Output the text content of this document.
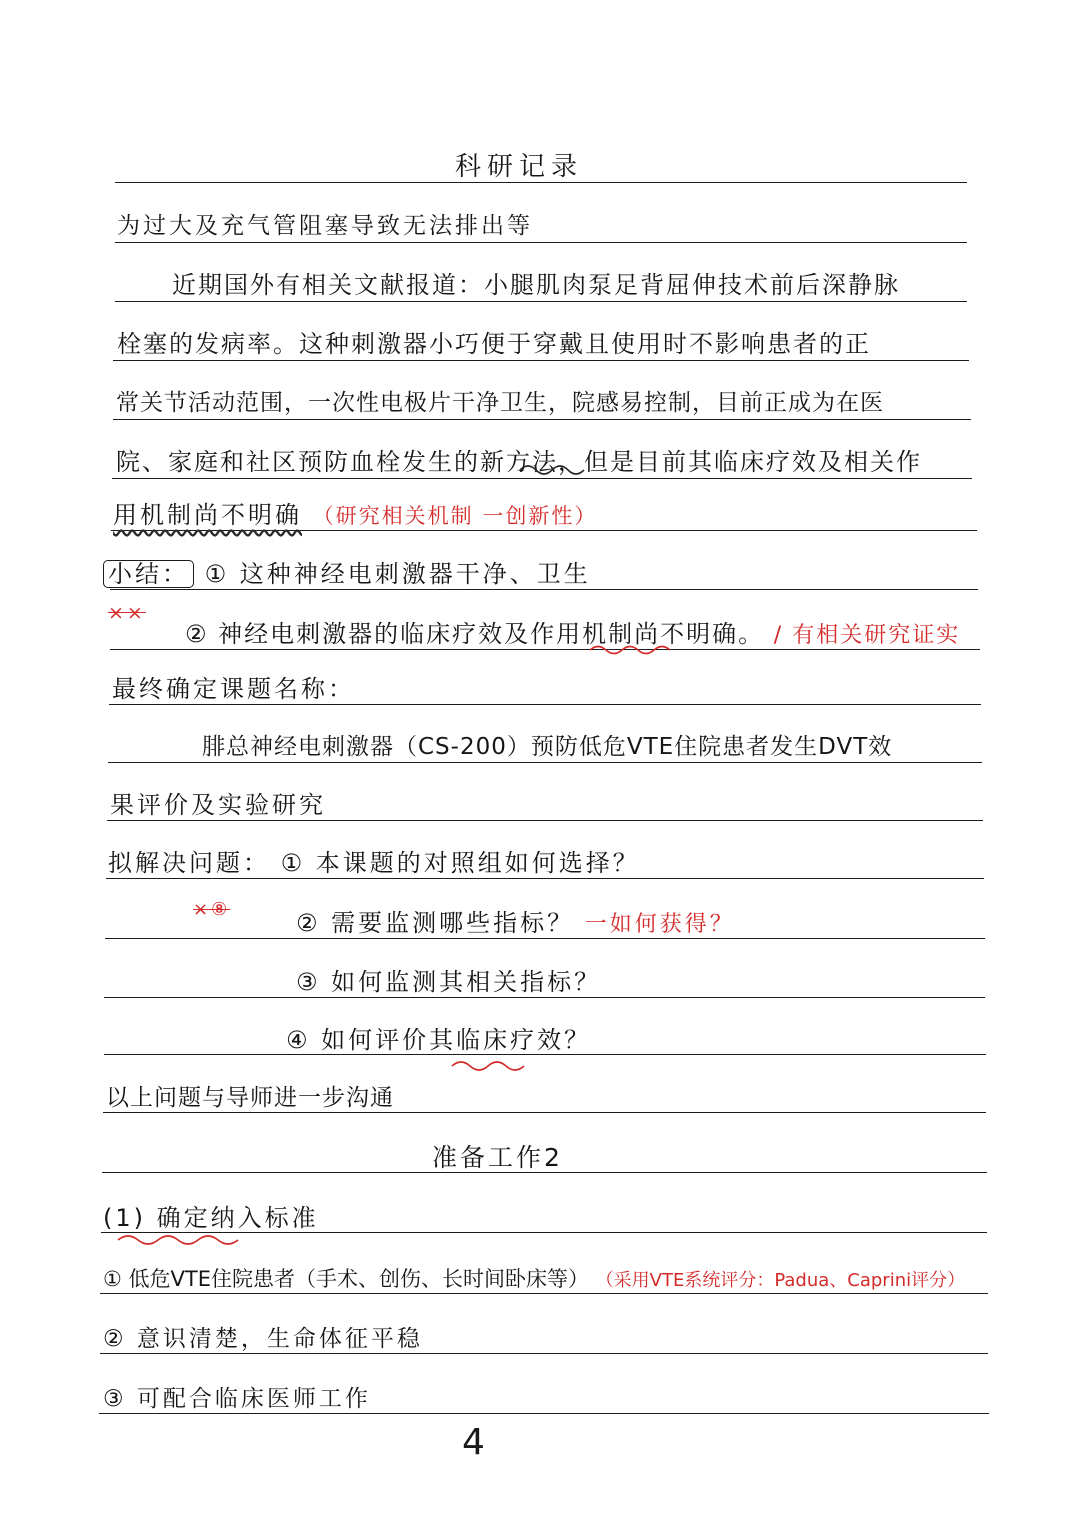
科研记录
为过大及充气管阻塞导致无法排出等
近期国外有相关文献报道：小腿肌肉泵足背屈伸技术前后深静脉
栓塞的发病率。这种刺激器小巧便于穿戴且使用时不影响患者的正
常关节活动范围，一次性电极片干净卫生，院感易控制，目前正成为在医
院、家庭和社区预防血栓发生的新方法，但是目前其临床疗效及相关作
用机制尚不明确 （研究相关机制 一创新性）
小结： ① 这种神经电刺激器干净、卫生
××
② 神经电刺激器的临床疗效及作用机制尚不明确。 / 有相关研究证实
最终确定课题名称：
腓总神经电刺激器（CS-200）预防低危VTE住院患者发生DVT效
果评价及实验研究
拟解决问题： ① 本课题的对照组如何选择？
×⑧	② 需要监测哪些指标？ 一如何获得？
③ 如何监测其相关指标？
④ 如何评价其临床疗效？
以上问题与导师进一步沟通
准备工作2
(1) 确定纳入标准
① 低危VTE住院患者（手术、创伤、长时间卧床等） （采用VTE系统评分：Padua、Caprini评分）
② 意识清楚，生命体征平稳
③ 可配合临床医师工作
4
